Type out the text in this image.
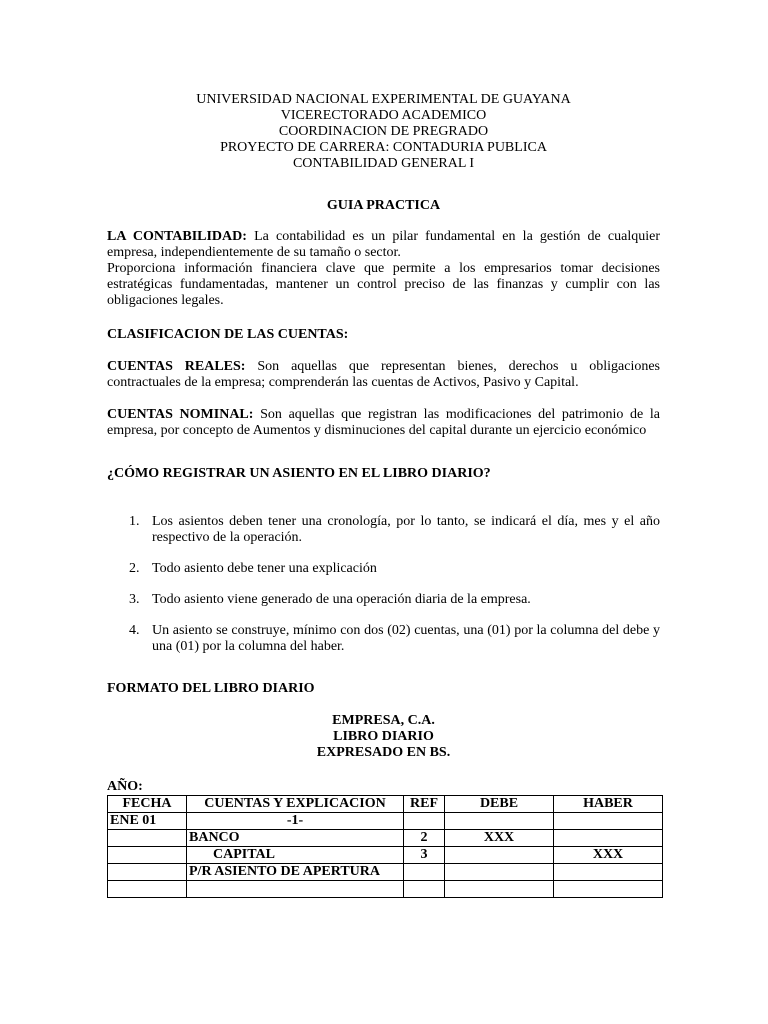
UNIVERSIDAD NACIONAL EXPERIMENTAL DE GUAYANA
VICERECTORADO ACADEMICO
COORDINACION DE PREGRADO
PROYECTO DE CARRERA: CONTADURIA PUBLICA
CONTABILIDAD GENERAL I
GUIA PRACTICA

LA CONTABILIDAD: La contabilidad es un pilar fundamental en la gestión de cualquier empresa, independientemente de su tamaño o sector.

Proporciona información financiera clave que permite a los empresarios tomar decisiones estratégicas fundamentadas, mantener un control preciso de las finanzas y cumplir con las obligaciones legales.

CLASIFICACION DE LAS CUENTAS:

CUENTAS REALES: Son aquellas que representan bienes, derechos u obligaciones contractuales de la empresa; comprenderán las cuentas de Activos, Pasivo y Capital.

CUENTAS NOMINAL: Son aquellas que registran las modificaciones del patrimonio de la empresa, por concepto de Aumentos y disminuciones del capital durante un ejercicio económico

¿CÓMO REGISTRAR UN ASIENTO EN EL LIBRO DIARIO?
1. Los asientos deben tener una cronología, por lo tanto, se indicará el día, mes y el año respectivo de la operación.
2. Todo asiento debe tener una explicación
3. Todo asiento viene generado de una operación diaria de la empresa.
4. Un asiento se construye, mínimo con dos (02) cuentas, una (01) por la columna del debe y una (01) por la columna del haber.
FORMATO DEL LIBRO DIARIO
EMPRESA, C.A.
LIBRO DIARIO
EXPRESADO EN BS.
AÑO:
FECHA	CUENTAS Y EXPLICACION	REF	DEBE	HABER
ENE 01	-1-			
	BANCO	2	XXX	
	CAPITAL	3		XXX
	P/R ASIENTO DE APERTURA			
